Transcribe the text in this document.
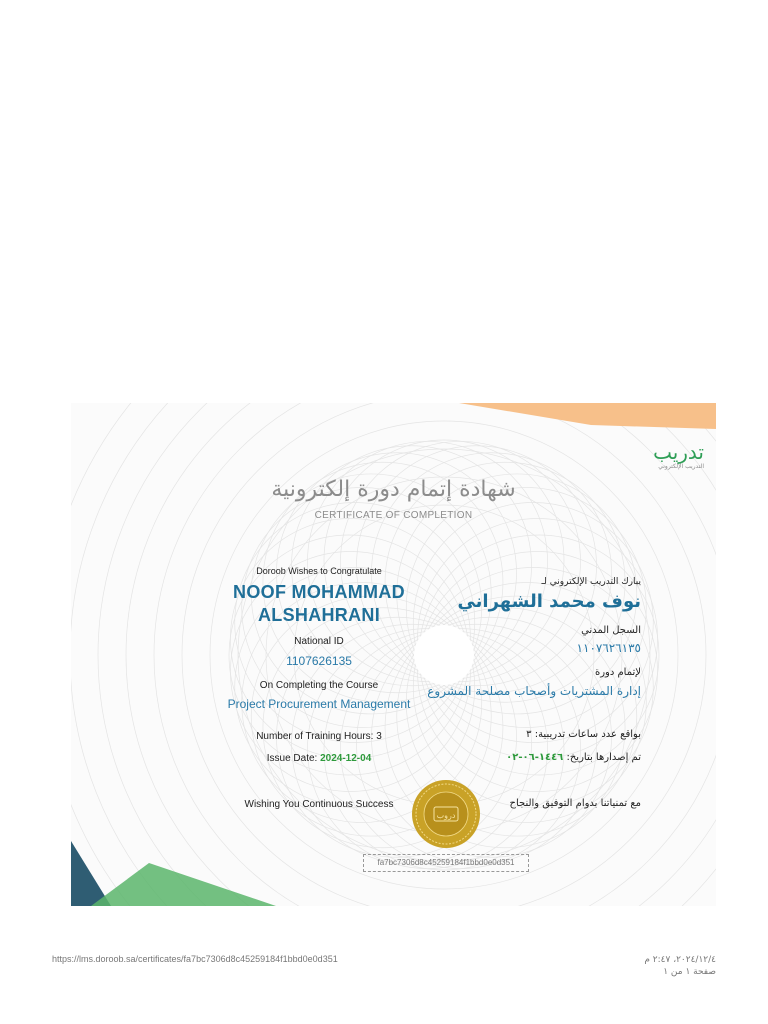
تدريب
التدريب الإلكتروني
شهادة إتمام دورة إلكترونية
CERTIFICATE OF COMPLETION
Doroob Wishes to Congratulate
NOOF MOHAMMAD
ALSHAHRANI
National ID
1107626135
On Completing the Course
Project Procurement Management
Number of Training Hours: 3
Issue Date: 2024-12-04
Wishing You Continuous Success
يبارك التدريب الإلكتروني لـ
نوف محمد الشهراني
السجل المدني
١١٠٧٦٢٦١٣٥
لإتمام دورة
إدارة المشتريات وأصحاب مصلحة المشروع
بواقع عدد ساعات تدريبية: ٣
تم إصدارها بتاريخ: ١٤٤٦-٠٦-٠٢
مع تمنياتنا بدوام التوفيق والنجاح
دروب
fa7bc7306d8c45259184f1bbd0e0d351
https://lms.doroob.sa/certificates/fa7bc7306d8c45259184f1bbd0e0d351	٢٠٢٤/١٢/٤، ٢:٤٧ م
صفحة ١ من ١
